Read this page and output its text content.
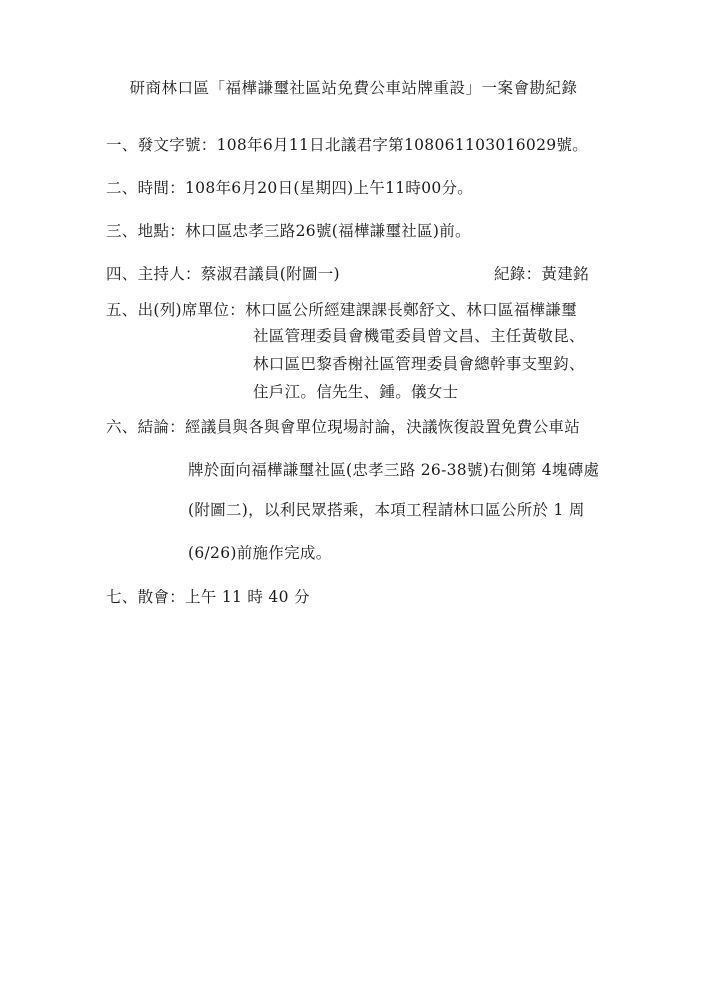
研商林口區「福樺謙璽社區站免費公車站牌重設」一案會勘紀錄
一、發文字號：108年6月11日北議君字第108061103016029號。
二、時間：108年6月20日(星期四)上午11時00分。
三、地點：林口區忠孝三路26號(福樺謙璽社區)前。
四、主持人：蔡淑君議員(附圖一)	紀錄：黃建銘
五、出(列)席單位：林口區公所經建課課長鄭舒文、林口區福樺謙璽
社區管理委員會機電委員曾文昌、主任黃敬昆、
林口區巴黎香榭社區管理委員會總幹事支聖鈞、
住戶江。信先生、鍾。儀女士
六、結論：經議員與各與會單位現場討論，決議恢復設置免費公車站
牌於面向福樺謙璽社區(忠孝三路 26-38號)右側第 4塊磚處
(附圖二)，以利民眾搭乘，本項工程請林口區公所於 1 周
(6/26)前施作完成。
七、散會：上午 11 時 40 分
